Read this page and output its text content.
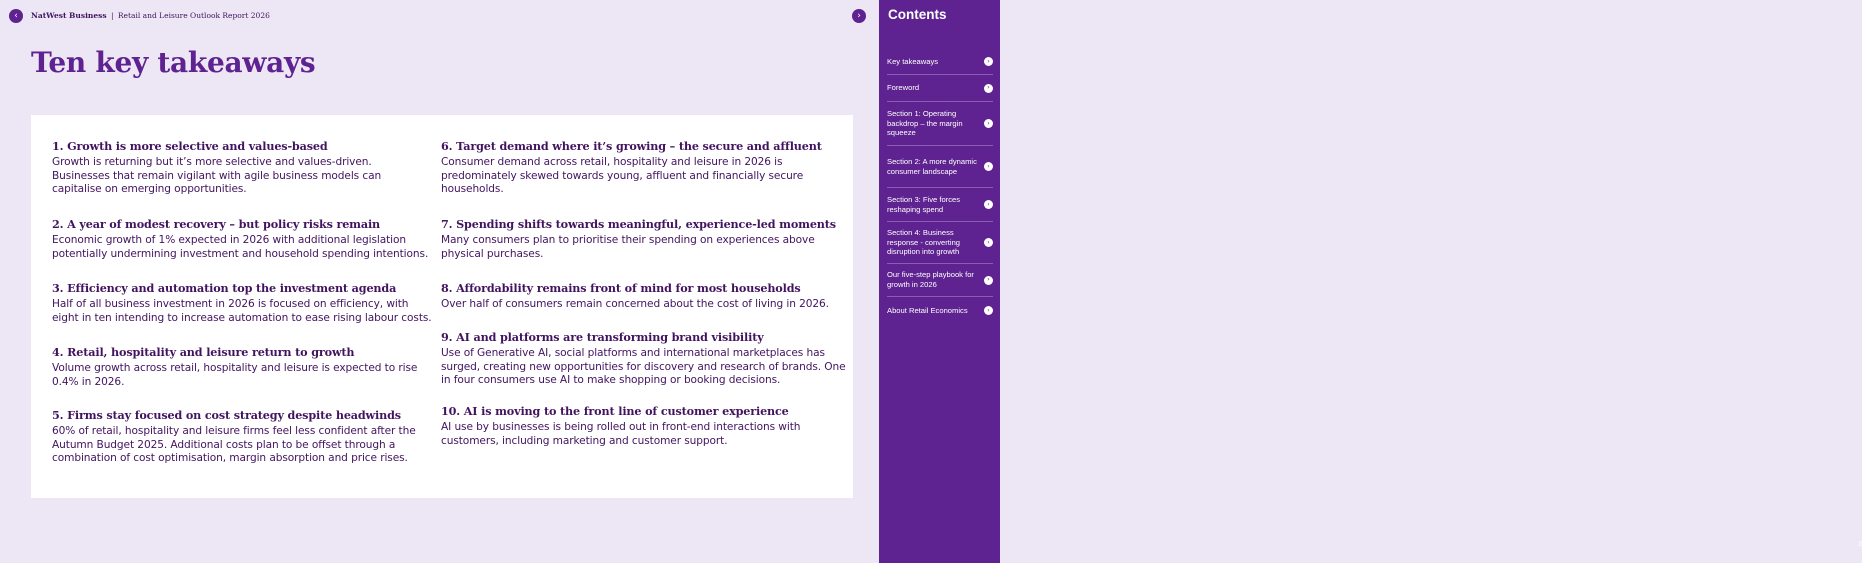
‹ NatWest Business | Retail and Leisure Outlook Report 2026	›
Ten key takeaways
1. Growth is more selective and values-based

Growth is returning but it’s more selective and values-driven. Businesses that remain vigilant with agile business models can capitalise on emerging opportunities.

2. A year of modest recovery – but policy risks remain

Economic growth of 1% expected in 2026 with additional legislation potentially undermining investment and household spending intentions.

3. Efficiency and automation top the investment agenda

Half of all business investment in 2026 is focused on efficiency, with eight in ten intending to increase automation to ease rising labour costs.

4. Retail, hospitality and leisure return to growth

Volume growth across retail, hospitality and leisure is expected to rise 0.4% in 2026.

5. Firms stay focused on cost strategy despite headwinds

60% of retail, hospitality and leisure firms feel less confident after the Autumn Budget 2025. Additional costs plan to be offset through a combination of cost optimisation, margin absorption and price rises.

6. Target demand where it’s growing – the secure and affluent

Consumer demand across retail, hospitality and leisure in 2026 is predominately skewed towards young, affluent and financially secure households.

7. Spending shifts towards meaningful, experience-led moments

Many consumers plan to prioritise their spending on experiences above physical purchases.

8. Affordability remains front of mind for most households

Over half of consumers remain concerned about the cost of living in 2026.

9. AI and platforms are transforming brand visibility

Use of Generative AI, social platforms and international marketplaces has surged, creating new opportunities for discovery and research of brands. One in four consumers use AI to make shopping or booking decisions.

10. AI is moving to the front line of customer experience

AI use by businesses is being rolled out in front-end interactions with customers, including marketing and customer support.

Contents
Key takeaways	›
Foreword	›
Section 1: Operating backdrop – the margin squeeze
›
Section 2: A more dynamic consumer landscape
›
Section 3: Five forces reshaping spend
›
Section 4: Business response - converting disruption into growth
›
Our five-step playbook for growth in 2026
›
About Retail Economics	›
3
